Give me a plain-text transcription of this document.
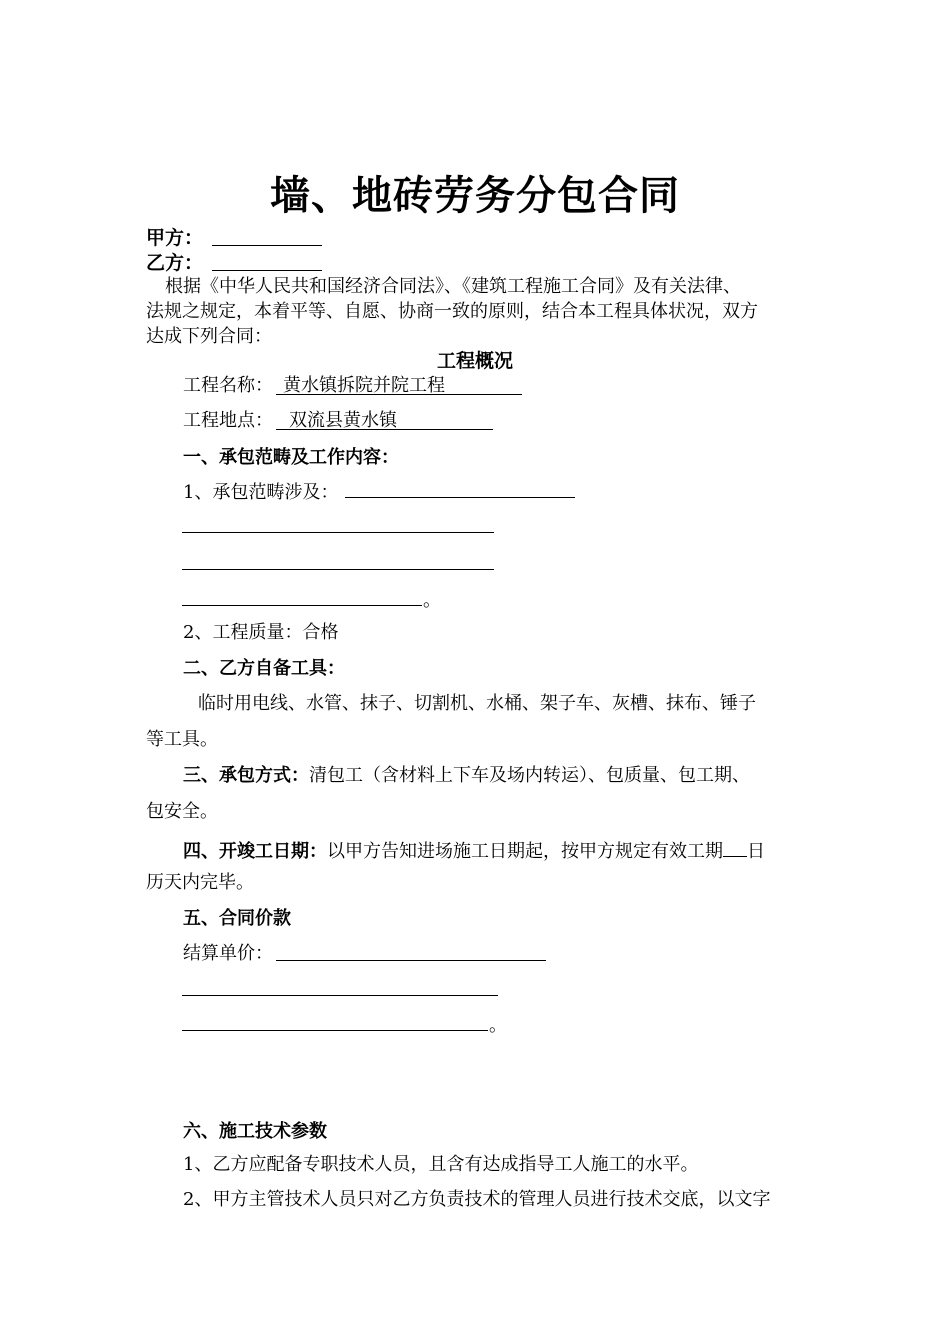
墙、地砖劳务分包合同
甲方：
乙方：
根据《中华人民共和国经济合同法》、《建筑工程施工合同》及有关法律、
法规之规定，本着平等、自愿、协商一致的原则，结合本工程具体状况，双方
达成下列合同：
工程概况
工程名称： 黄水镇拆院并院工程
工程地点： 双流县黄水镇
一、承包范畴及工作内容：
1、承包范畴涉及：
。
2、工程质量：合格
二、乙方自备工具：
临时用电线、水管、抹子、切割机、水桶、架子车、灰槽、抹布、锤子
等工具。
三、承包方式：清包工（含材料上下车及场内转运）、包质量、包工期、
包安全。
四、开竣工日期：以甲方告知进场施工日期起，按甲方规定有效工期 日
历天内完毕。
五、合同价款
结算单价：
。
六、施工技术参数
1、乙方应配备专职技术人员，且含有达成指导工人施工的水平。
2、甲方主管技术人员只对乙方负责技术的管理人员进行技术交底，以文字
